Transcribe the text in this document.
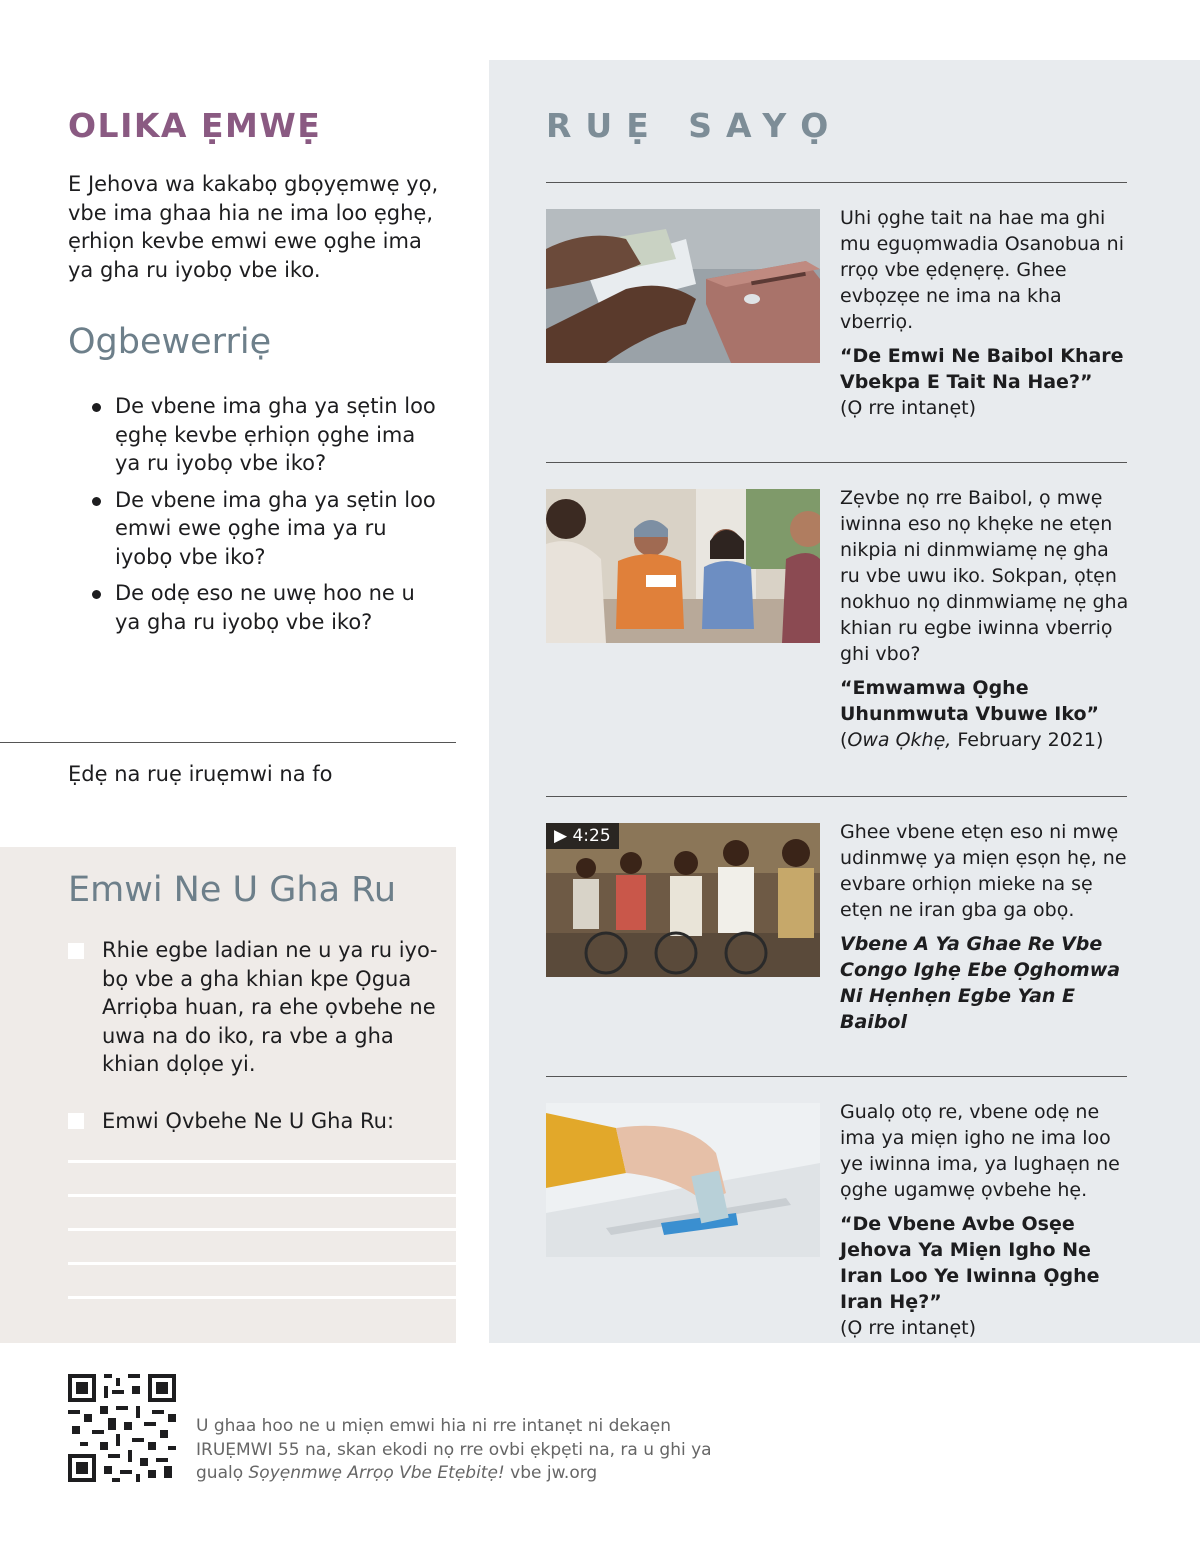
OLIKA ẸMWẸ
E Jehova wa kakabọ gbọyẹmwẹ yọ, vbe ima ghaa hia ne ima loo ẹghẹ, ẹrhiọn kevbe emwi ewe ọghe ima ya gha ru iyobọ vbe iko.
Ogbewerriẹ
De vbene ima gha ya sẹtin loo ẹghẹ kevbe ẹrhiọn ọghe ima ya ru iyobọ vbe iko?
De vbene ima gha ya sẹtin loo emwi ewe ọghe ima ya ru iyobọ vbe iko?
De odẹ eso ne uwẹ hoo ne u ya gha ru iyobọ vbe iko?
Ẹdẹ na ruẹ iruẹmwi na fo
Emwi Ne U Gha Ru
Rhie egbe ladian ne u ya ru iyobọ vbe a gha khian kpe Ọgua Arriọba huan, ra ehe ọvbehe ne uwa na do iko, ra vbe a gha khian dọlọe yi.
Emwi Ọvbehe Ne U Gha Ru:
RUẸ SAYỌ

Uhi ọghe tait na hae ma ghi mu eguọmwadia Osanobua ni rrọọ vbe ẹdẹnẹrẹ. Ghee evbọzẹe ne ima na kha vberriọ.

“De Emwi Ne Baibol Khare Vbekpa E Tait Na Hae?”
(Ọ rre intanẹt)

Zẹvbe nọ rre Baibol, ọ mwẹ iwinna eso nọ khẹke ne etẹn nikpia ni dinmwiamẹ nẹ gha ru vbe uwu iko. Sokpan, ọtẹn nokhuo nọ dinmwiamẹ nẹ gha khian ru egbe iwinna vberriọ ghi vbo?

“Emwamwa Ọghe Uhunmwuta Vbuwe Iko” (Owa Ọkhẹ, February 2021)
▶ 4:25	Ghee vbene etẹn eso ni mwẹ udinmwẹ ya miẹn ẹsọn hẹ, ne evbare orhiọn mieke na sẹ etẹn ne iran gba ga obọ.

Vbene A Ya Ghae Re Vbe Congo Ighẹ Ebe Ọghomwa Ni Hẹnhẹn Egbe Yan E Baibol

Gualọ otọ re, vbene odẹ ne ima ya miẹn igho ne ima loo ye iwinna ima, ya lughaẹn ne ọghe ugamwẹ ọvbehe hẹ.

“De Vbene Avbe Osẹe Jehova Ya Miẹn Igho Ne Iran Loo Ye Iwinna Ọghe Iran Hẹ?”
(Ọ rre intanẹt)
U ghaa hoo ne u miẹn emwi hia ni rre intanẹt ni dekaẹn IRUẸMWI 55 na, skan ekodi nọ rre ovbi ẹkpẹti na, ra u ghi ya gualọ Sọyẹnmwẹ Arrọọ Vbe Etẹbitẹ! vbe jw.org
